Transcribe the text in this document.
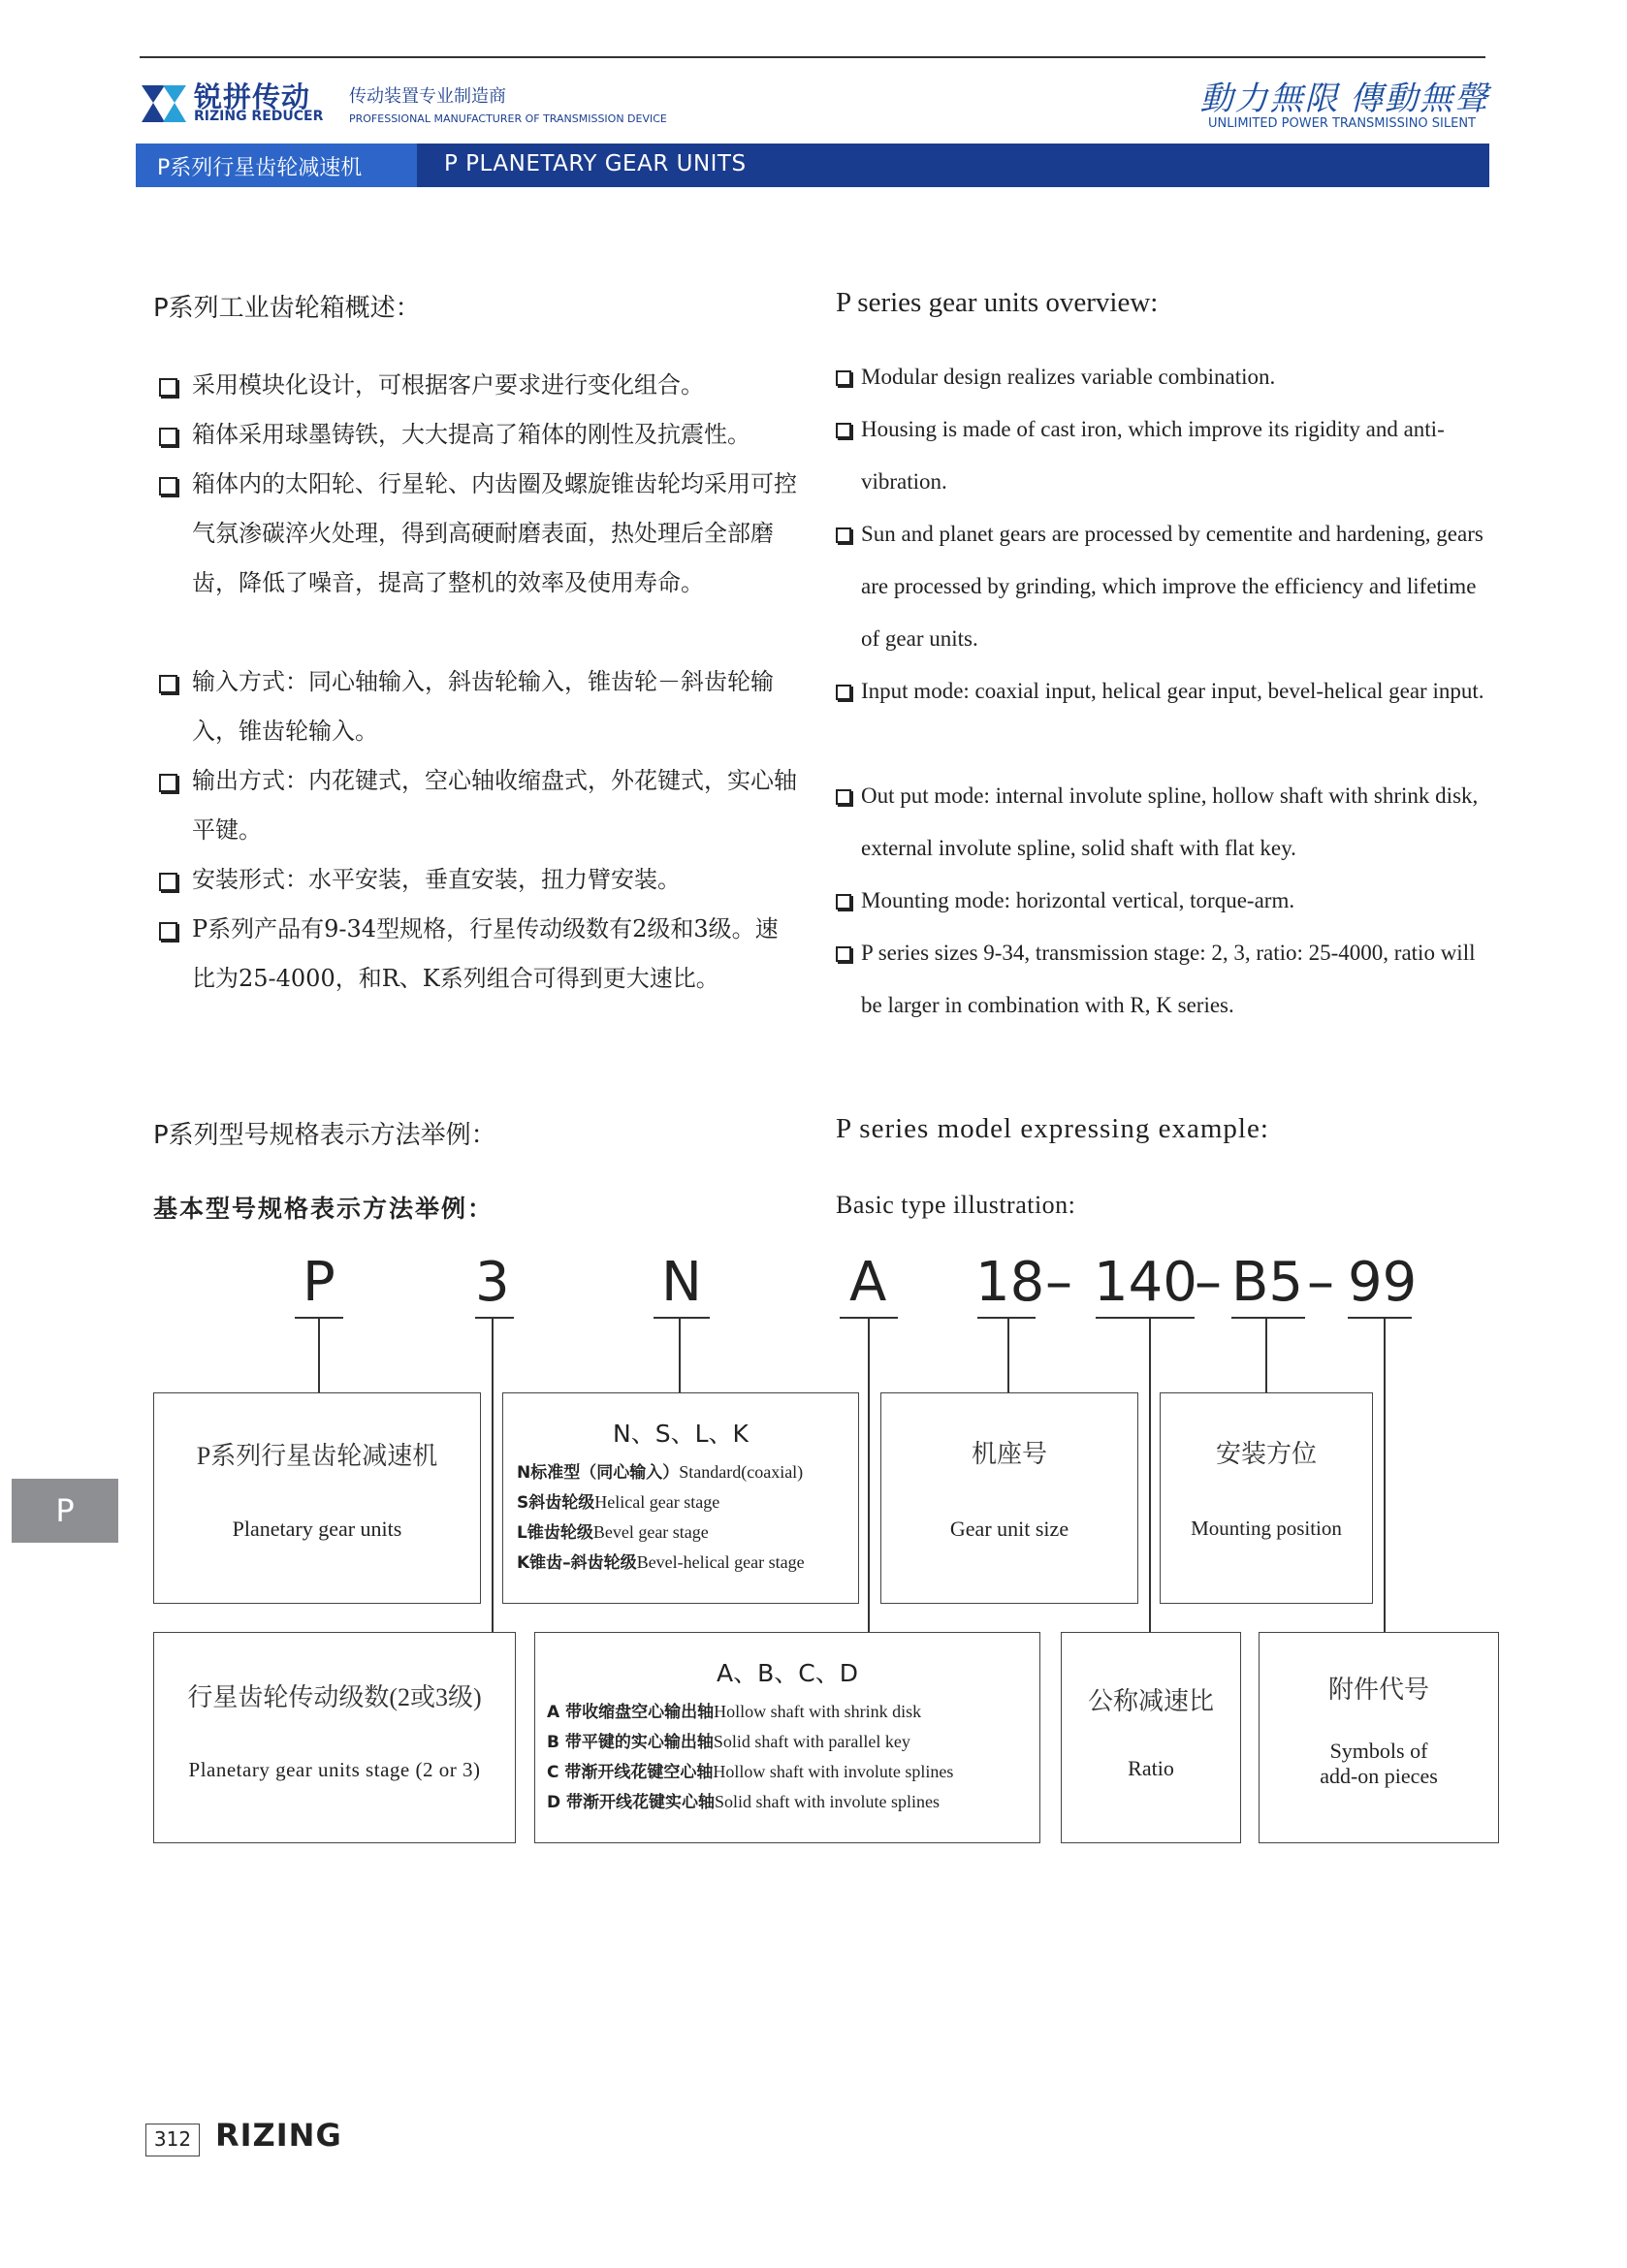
锐拼传动
RIZING REDUCER
传动装置专业制造商
PROFESSIONAL MANUFACTURER OF TRANSMISSION DEVICE
動力無限 傳動無聲
UNLIMITED POWER TRANSMISSINO SILENT
P系列行星齿轮减速机	P PLANETARY GEAR UNITS
P系列工业齿轮箱概述：	P series gear units overview:

采用模块化设计，可根据客户要求进行变化组合。

箱体采用球墨铸铁，大大提高了箱体的刚性及抗震性。

箱体内的太阳轮、行星轮、内齿圈及螺旋锥齿轮均采用可控气氛渗碳淬火处理，得到高硬耐磨表面，热处理后全部磨齿，降低了噪音，提高了整机的效率及使用寿命。

输入方式：同心轴输入，斜齿轮输入，锥齿轮－斜齿轮输入，锥齿轮输入。

输出方式：内花键式，空心轴收缩盘式，外花键式，实心轴平键。

安装形式：水平安装，垂直安装，扭力臂安装。

P系列产品有9-34型规格，行星传动级数有2级和3级。速比为25-4000，和R、K系列组合可得到更大速比。

Modular design realizes variable combination.

Housing is made of cast iron, which improve its rigidity and anti-vibration.

Sun and planet gears are processed by cementite and hardening, gears are processed by grinding, which improve the efficiency and lifetime of gear units.

Input mode: coaxial input, helical gear input, bevel-helical gear input.

Out put mode: internal involute spline, hollow shaft with shrink disk, external involute spline, solid shaft with flat key.

Mounting mode: horizontal vertical, torque-arm.

P series sizes 9-34, transmission stage: 2, 3, ratio: 25-4000, ratio will be larger in combination with R, K series.

P系列型号规格表示方法举例：	P series model expressing example:
基本型号规格表示方法举例：	Basic type illustration:
P	3	N	A 18 – 140
– B5 – 99
P系列行星齿轮减速机
Planetary gear units
N、S、L、K
N标准型（同心输入）Standard(coaxial)
S斜齿轮级Helical gear stage
L锥齿轮级Bevel gear stage
K锥齿–斜齿轮级Bevel-helical gear stage
机座号
Gear unit size
安装方位
Mounting position
行星齿轮传动级数(2或3级)
Planetary gear units stage (2 or 3)
A、B、C、D
A 带收缩盘空心输出轴Hollow shaft with shrink disk
B 带平键的实心输出轴Solid shaft with parallel key
C 带渐开线花键空心轴Hollow shaft with involute splines
D 带渐开线花键实心轴Solid shaft with involute splines
公称减速比
Ratio
附件代号
Symbols of
add-on pieces
P
312 RIZING
